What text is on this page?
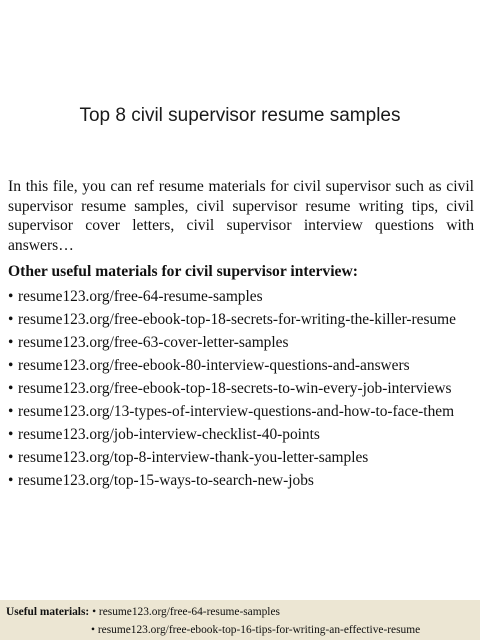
Top 8 civil supervisor resume samples
In this file, you can ref resume materials for civil supervisor such as civil supervisor resume samples, civil supervisor resume writing tips, civil supervisor cover letters, civil supervisor interview questions with answers…
Other useful materials for civil supervisor interview:
• resume123.org/free-64-resume-samples
• resume123.org/free-ebook-top-18-secrets-for-writing-the-killer-resume
• resume123.org/free-63-cover-letter-samples
• resume123.org/free-ebook-80-interview-questions-and-answers
• resume123.org/free-ebook-top-18-secrets-to-win-every-job-interviews
• resume123.org/13-types-of-interview-questions-and-how-to-face-them
• resume123.org/job-interview-checklist-40-points
• resume123.org/top-8-interview-thank-you-letter-samples
• resume123.org/top-15-ways-to-search-new-jobs
Useful materials: • resume123.org/free-64-resume-samples
• resume123.org/free-ebook-top-16-tips-for-writing-an-effective-resume
